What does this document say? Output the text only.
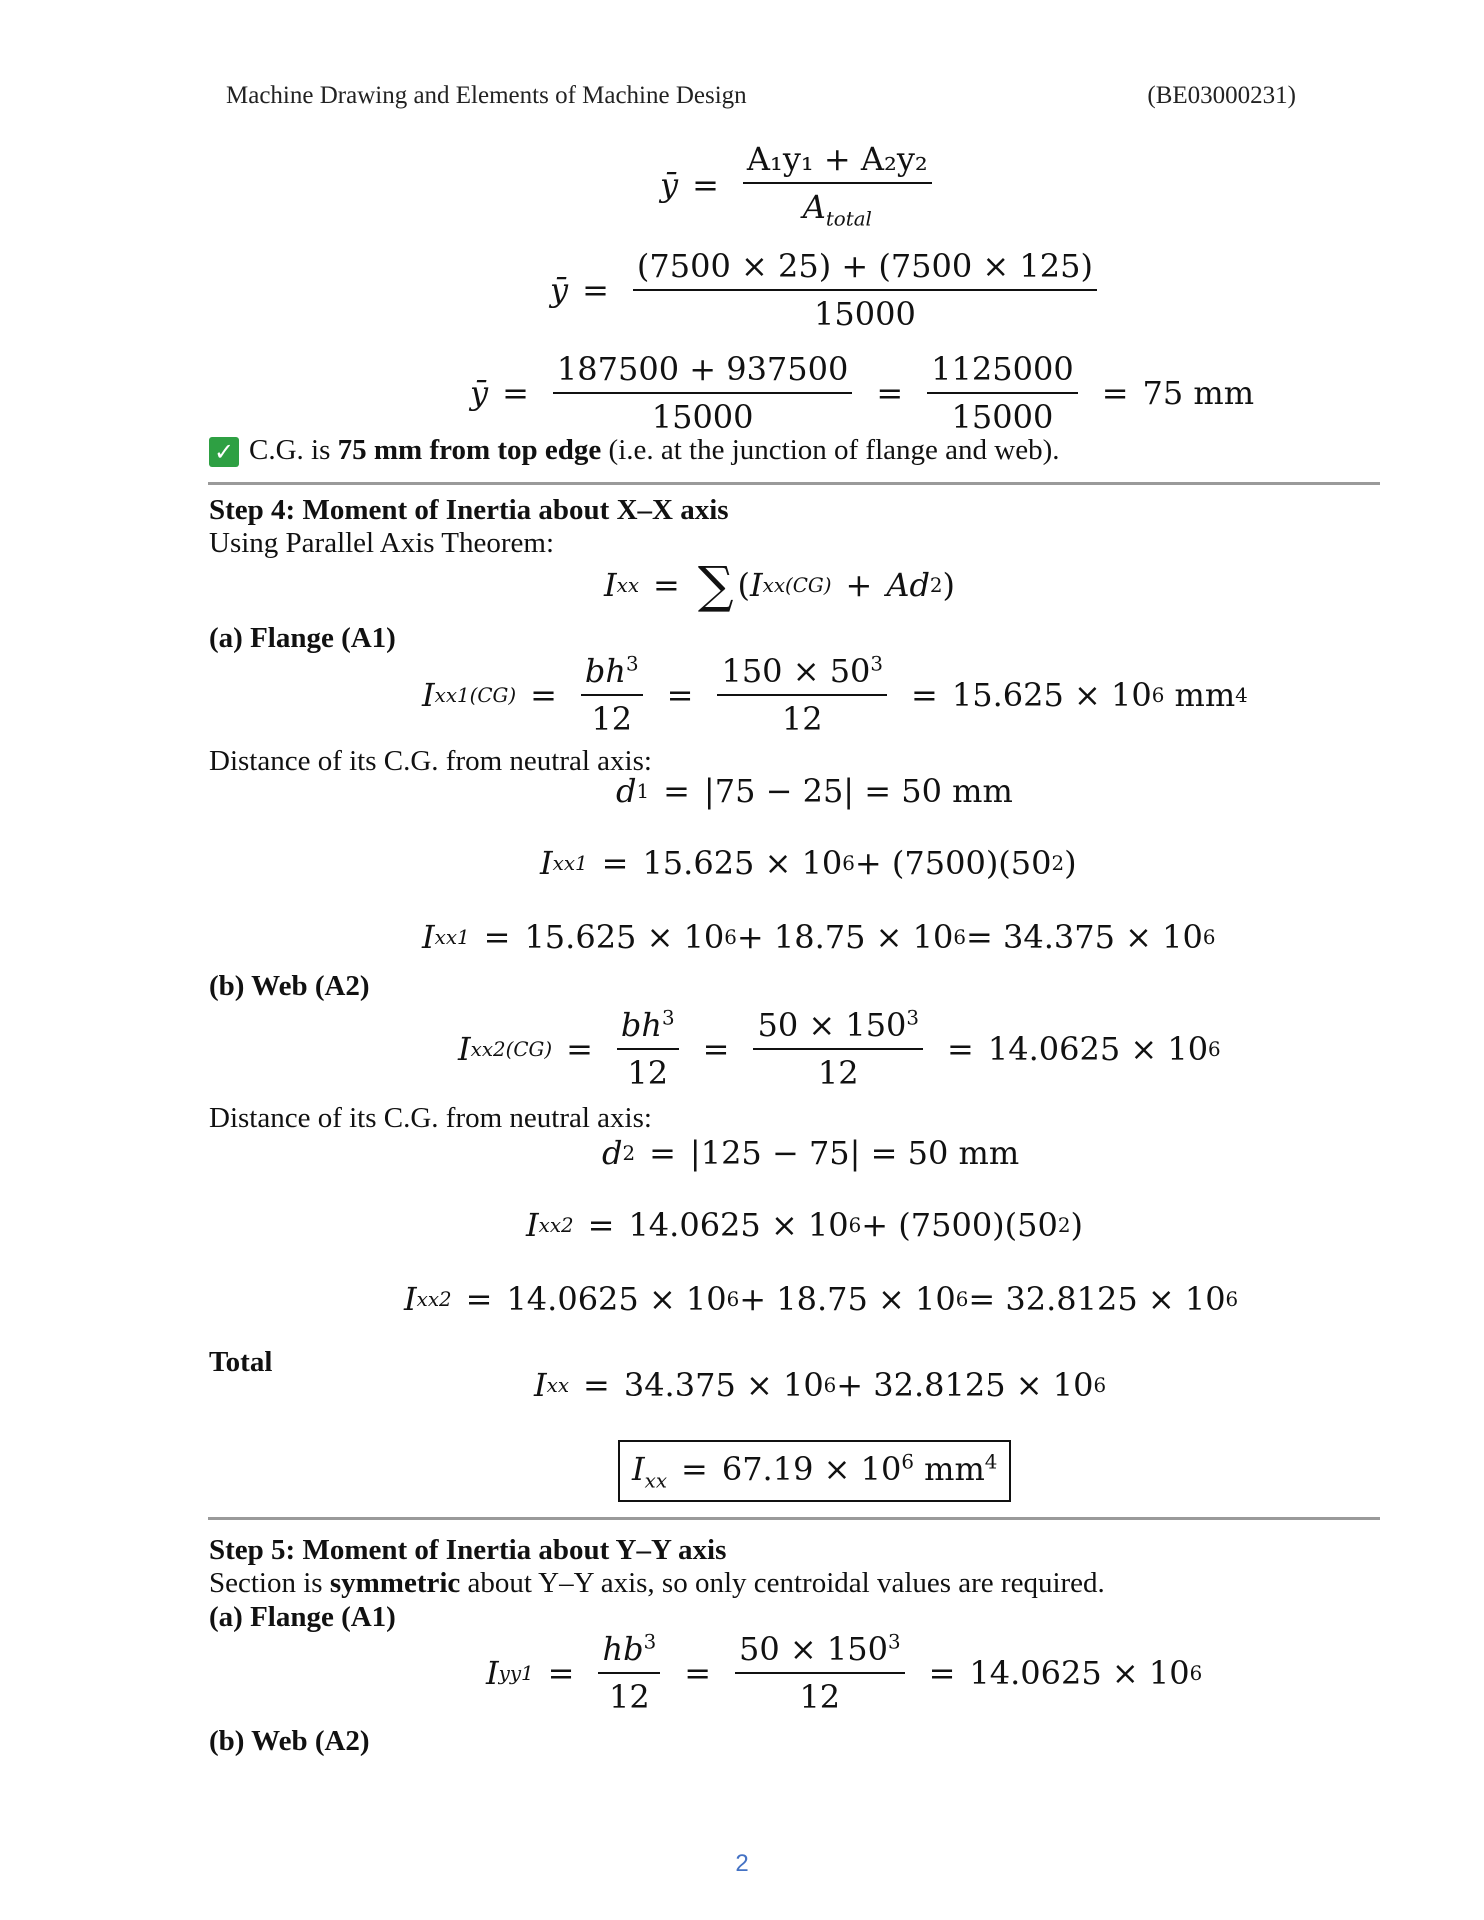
Machine Drawing and Elements of Machine Design	(BE03000231)
ȳ = $\frac{\text{A₁y₁ + A₂y₂}}{A_{total}}$
ȳ = $\frac{(7500 \times 25) + (7500 \times 125)}{15000}$
ȳ = $\frac{187500 + 937500}{15000} = \frac{1125000}{15000} = 75$ mm
✓ C.G. is 75 mm from top edge (i.e. at the junction of flange and web).
Step 4: Moment of Inertia about X–X axis
Using Parallel Axis Theorem:
I xx = ∑ ( I xx(CG) + Ad 2 )
(a) Flange (A1)
I $xx1(CG) = \frac{bh^3}{12} = \frac{150 \times 50^3}{12} = 15.625 \times 10$ 6 mm 4
Distance of its C.G. from neutral axis:
d 1 = |75 − 25| = 50 mm
I xx1 = 15.625 × 10 6 + (7500)(50 2 )
I xx1 = 15.625 × 10 6 + 18.75 × 10 6 = 34.375 × 10 6
(b) Web (A2)
I $xx2(CG) = \frac{bh^3}{12} = \frac{50 \times 150^3}{12} = 14.0625 \times 10$ 6
Distance of its C.G. from neutral axis:
d 2 = |125 − 75| = 50 mm
I xx2 = 14.0625 × 10 6 + (7500)(50 2 )
I xx2 = 14.0625 × 10 6 + 18.75 × 10 6 = 32.8125 × 10 6
Total
I xx = 34.375 × 10 6 + 32.8125 × 10 6
$I_{xx} = 67.19 \times 10^6$ $mm^4$
Step 5: Moment of Inertia about Y–Y axis
Section is symmetric about Y–Y axis, so only centroidal values are required.
(a) Flange (A1)
I $yy1 = \frac{hb^3}{12} = \frac{50 \times 150^3}{12} = 14.0625 \times 10$ 6
(b) Web (A2)
2
